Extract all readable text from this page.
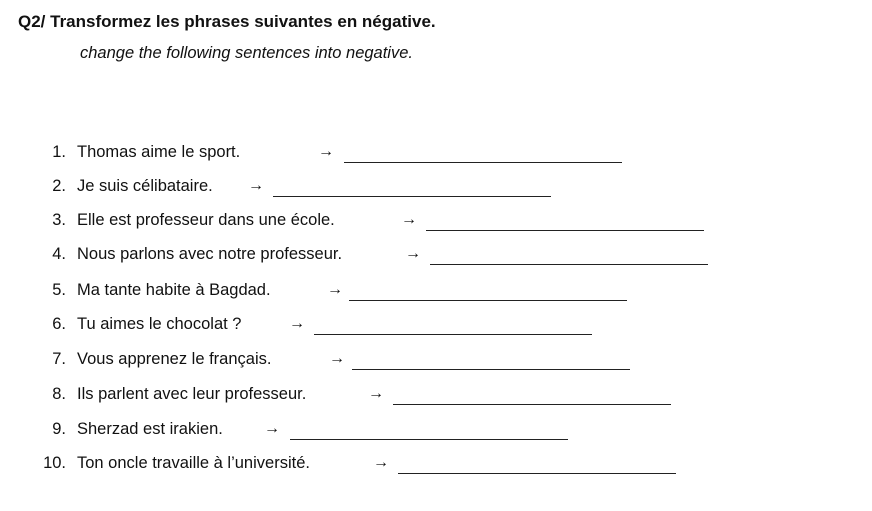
Q2/ Transformez les phrases suivantes en négative.
change the following sentences into negative.
1. Thomas aime le sport.	→
2. Je suis célibataire. →
3. Elle est professeur dans une école.	→
4. Nous parlons avec notre professeur.	→
5. Ma tante habite à Bagdad.	→
6. Tu aimes le chocolat ?	→
7. Vous apprenez le français.	→
8. Ils parlent avec leur professeur.	→
9. Sherzad est irakien.	→
10. Ton oncle travaille à l’université.	→
